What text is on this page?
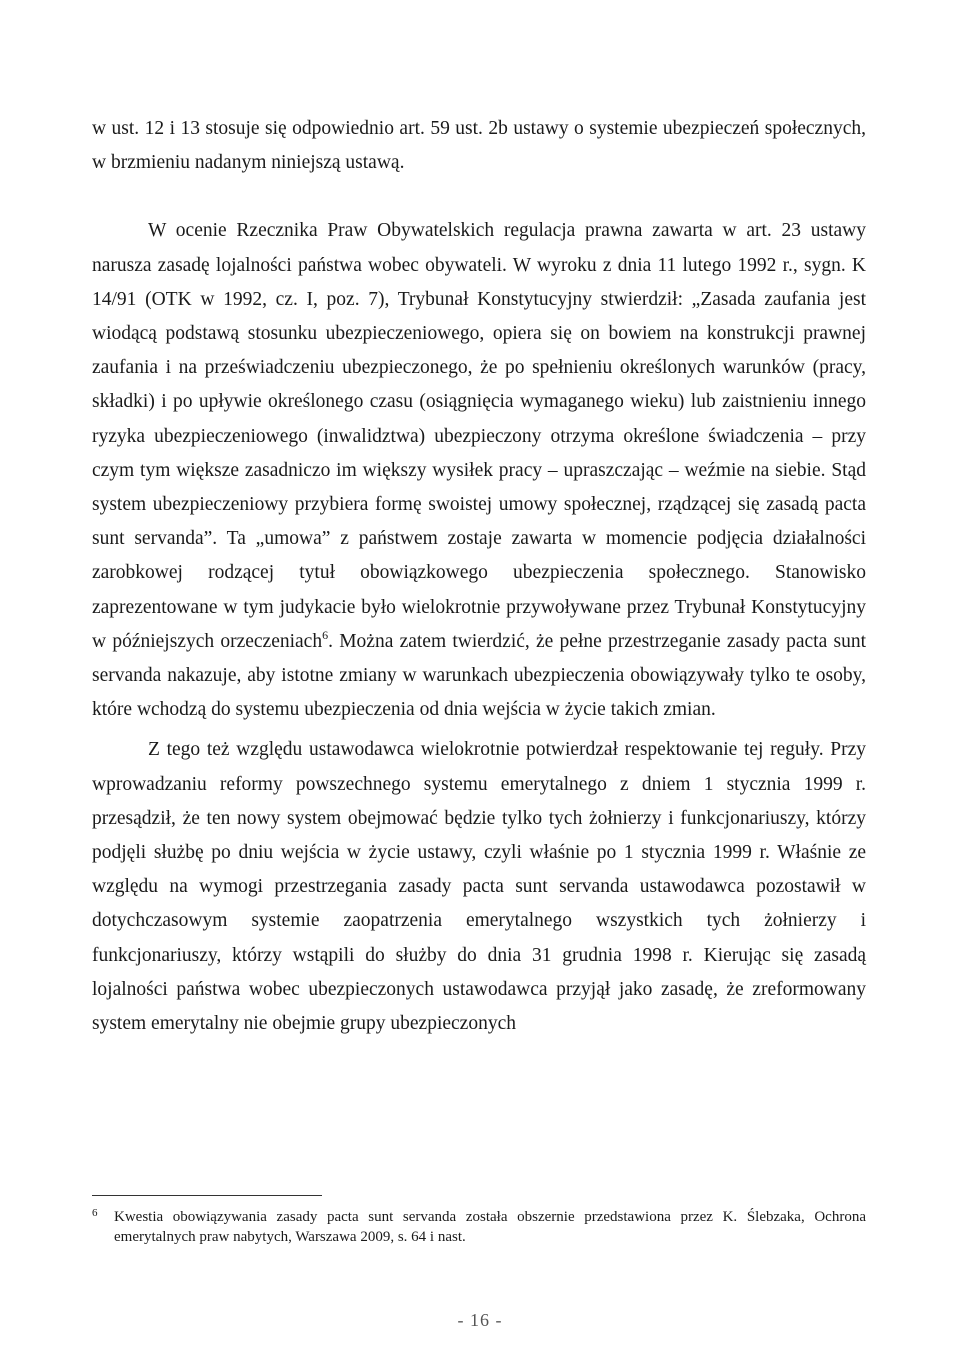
w ust. 12 i 13 stosuje się odpowiednio art. 59 ust. 2b ustawy o systemie ubezpieczeń społecznych, w brzmieniu nadanym niniejszą ustawą.

W ocenie Rzecznika Praw Obywatelskich regulacja prawna zawarta w art. 23 ustawy narusza zasadę lojalności państwa wobec obywateli. W wyroku z dnia 11 lutego 1992 r., sygn. K 14/91 (OTK w 1992, cz. I, poz. 7), Trybunał Konstytucyjny stwierdził: „Zasada zaufania jest wiodącą podstawą stosunku ubezpieczeniowego, opiera się on bowiem na konstrukcji prawnej zaufania i na przeświadczeniu ubezpieczonego, że po spełnieniu określonych warunków (pracy, składki) i po upływie określonego czasu (osiągnięcia wymaganego wieku) lub zaistnieniu innego ryzyka ubezpieczeniowego (inwalidztwa) ubezpieczony otrzyma określone świadczenia – przy czym tym większe zasadniczo im większy wysiłek pracy – upraszczając – weźmie na siebie. Stąd system ubezpieczeniowy przybiera formę swoistej umowy społecznej, rządzącej się zasadą pacta sunt servanda”. Ta „umowa” z państwem zostaje zawarta w momencie podjęcia działalności zarobkowej rodzącej tytuł obowiązkowego ubezpieczenia społecznego. Stanowisko zaprezentowane w tym judykacie było wielokrotnie przywoływane przez Trybunał Konstytucyjny w późniejszych orzeczeniach$^6$. Można zatem twierdzić, że pełne przestrzeganie zasady pacta sunt servanda nakazuje, aby istotne zmiany w warunkach ubezpieczenia obowiązywały tylko te osoby, które wchodzą do systemu ubezpieczenia od dnia wejścia w życie takich zmian.

Z tego też względu ustawodawca wielokrotnie potwierdzał respektowanie tej reguły. Przy wprowadzaniu reformy powszechnego systemu emerytalnego z dniem 1 stycznia 1999 r. przesądził, że ten nowy system obejmować będzie tylko tych żołnierzy i funkcjonariuszy, którzy podjęli służbę po dniu wejścia w życie ustawy, czyli właśnie po 1 stycznia 1999 r. Właśnie ze względu na wymogi przestrzegania zasady pacta sunt servanda ustawodawca pozostawił w dotychczasowym systemie zaopatrzenia emerytalnego wszystkich tych żołnierzy i funkcjonariuszy, którzy wstąpili do służby do dnia 31 grudnia 1998 r. Kierując się zasadą lojalności państwa wobec ubezpieczonych ustawodawca przyjął jako zasadę, że zreformowany system emerytalny nie obejmie grupy ubezpieczonych

6 Kwestia obowiązywania zasady pacta sunt servanda została obszernie przedstawiona przez K. Ślebzaka, Ochrona emerytalnych praw nabytych, Warszawa 2009, s. 64 i nast.
- 16 -
